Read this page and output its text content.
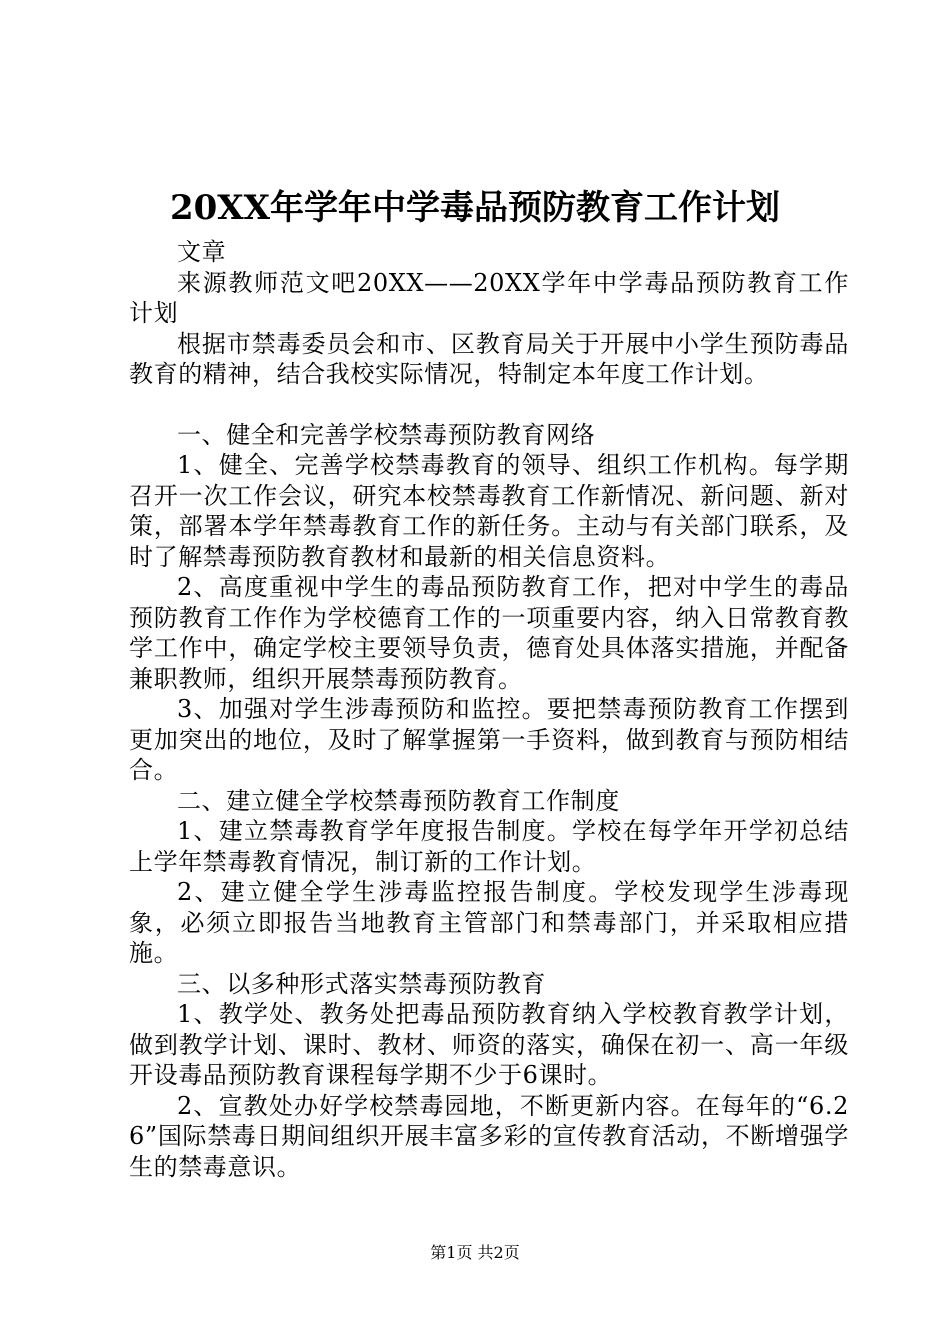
20XX年学年中学毒品预防教育工作计划

文章

来源教师范文吧20XX——20XX学年中学毒品预防教育工作计划

根据市禁毒委员会和市、区教育局关于开展中小学生预防毒品教育的精神，结合我校实际情况，特制定本年度工作计划。

一、健全和完善学校禁毒预防教育网络

1、健全、完善学校禁毒教育的领导、组织工作机构。每学期召开一次工作会议，研究本校禁毒教育工作新情况、新问题、新对策，部署本学年禁毒教育工作的新任务。主动与有关部门联系，及时了解禁毒预防教育教材和最新的相关信息资料。

2、高度重视中学生的毒品预防教育工作，把对中学生的毒品预防教育工作作为学校德育工作的一项重要内容，纳入日常教育教学工作中，确定学校主要领导负责，德育处具体落实措施，并配备兼职教师，组织开展禁毒预防教育。

3、加强对学生涉毒预防和监控。要把禁毒预防教育工作摆到更加突出的地位，及时了解掌握第一手资料，做到教育与预防相结合。

二、建立健全学校禁毒预防教育工作制度

1、建立禁毒教育学年度报告制度。学校在每学年开学初总结上学年禁毒教育情况，制订新的工作计划。

2、建立健全学生涉毒监控报告制度。学校发现学生涉毒现象，必须立即报告当地教育主管部门和禁毒部门，并采取相应措施。

三、以多种形式落实禁毒预防教育

1、教学处、教务处把毒品预防教育纳入学校教育教学计划，做到教学计划、课时、教材、师资的落实，确保在初一、高一年级开设毒品预防教育课程每学期不少于6课时。

2、宣教处办好学校禁毒园地，不断更新内容。在每年的“6.26”国际禁毒日期间组织开展丰富多彩的宣传教育活动，不断增强学生的禁毒意识。

第1页 共2页
